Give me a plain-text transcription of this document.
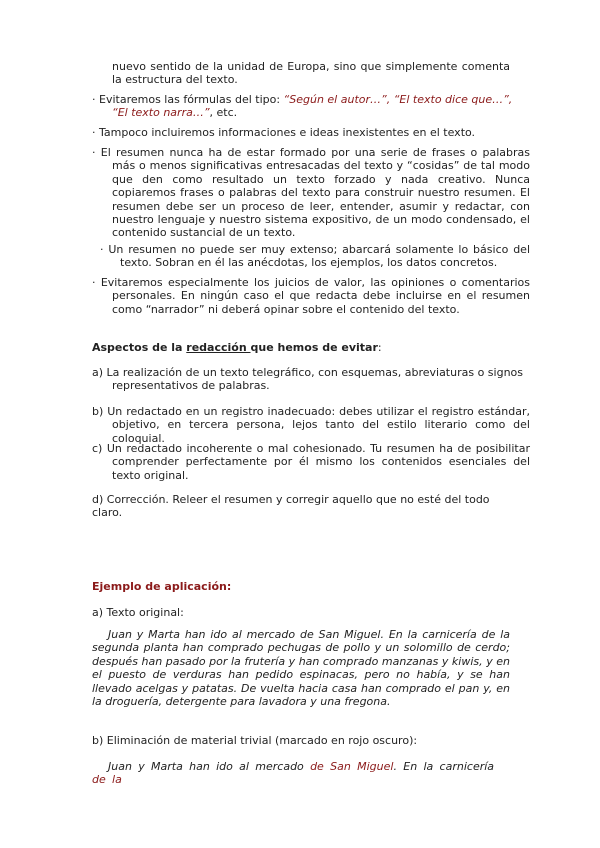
nuevo sentido de la unidad de Europa, sino que simplemente comenta la estructura del texto.
· Evitaremos las fórmulas del tipo: “Según el autor…”, “El texto dice que…”, “El texto narra…”, etc.
· Tampoco incluiremos informaciones e ideas inexistentes en el texto.
· El resumen nunca ha de estar formado por una serie de frases o palabras más o menos significativas entresacadas del texto y “cosidas” de tal modo que den como resultado un texto forzado y nada creativo. Nunca copiaremos frases o palabras del texto para construir nuestro resumen. El resumen debe ser un proceso de leer, entender, asumir y redactar, con nuestro lenguaje y nuestro sistema expositivo, de un modo condensado, el contenido sustancial de un texto.
· Un resumen no puede ser muy extenso; abarcará solamente lo básico del texto. Sobran en él las anécdotas, los ejemplos, los datos concretos.
· Evitaremos especialmente los juicios de valor, las opiniones o comentarios personales. En ningún caso el que redacta debe incluirse en el resumen como “narrador” ni deberá opinar sobre el contenido del texto.
Aspectos de la redacción que hemos de evitar:
a) La realización de un texto telegráfico, con esquemas, abreviaturas o signos representativos de palabras.
b) Un redactado en un registro inadecuado: debes utilizar el registro estándar, objetivo, en tercera persona, lejos tanto del estilo literario como del coloquial.
c) Un redactado incoherente o mal cohesionado. Tu resumen ha de posibilitar comprender perfectamente por él mismo los contenidos esenciales del texto original.
d) Corrección. Releer el resumen y corregir aquello que no esté del todo claro.
Ejemplo de aplicación:
a) Texto original:
Juan y Marta han ido al mercado de San Miguel. En la carnicería de la segunda planta han comprado pechugas de pollo y un solomillo de cerdo; después han pasado por la frutería y han comprado manzanas y kiwis, y en el puesto de verduras han pedido espinacas, pero no había, y se han llevado acelgas y patatas. De vuelta hacia casa han comprado el pan y, en la droguería, detergente para lavadora y una fregona.
b) Eliminación de material trivial (marcado en rojo oscuro):
Juan y Marta han ido al mercado de San Miguel. En la carnicería de la
